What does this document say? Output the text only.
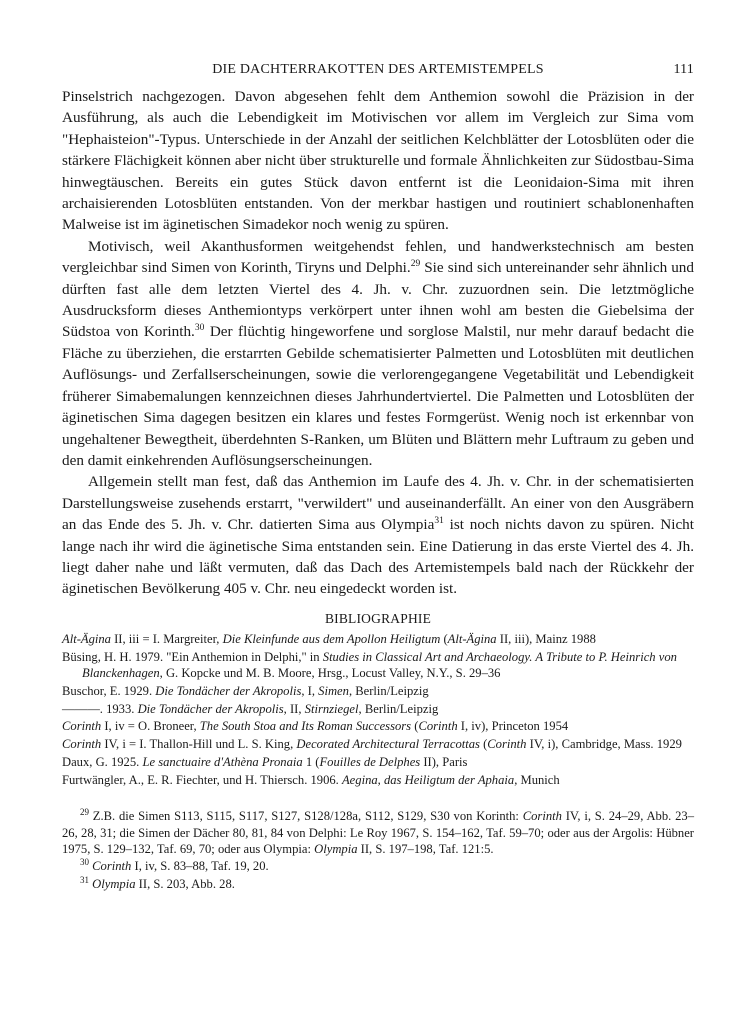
DIE DACHTERRAKOTTEN DES ARTEMISTEMPELS	111

Pinselstrich nachgezogen. Davon abgesehen fehlt dem Anthemion sowohl die Präzision in der Ausführung, als auch die Lebendigkeit im Motivischen vor allem im Vergleich zur Sima vom "Hephaisteion"-Typus. Unterschiede in der Anzahl der seitlichen Kelchblätter der Lotosblüten oder die stärkere Flächigkeit können aber nicht über strukturelle und formale Ähnlichkeiten zur Südostbau-Sima hinwegtäuschen. Bereits ein gutes Stück davon entfernt ist die Leonidaion-Sima mit ihren archaisierenden Lotosblüten entstanden. Von der merkbar hastigen und routiniert schablonenhaften Malweise ist im äginetischen Simadekor noch wenig zu spüren.

Motivisch, weil Akanthusformen weitgehendst fehlen, und handwerkstechnisch am besten vergleichbar sind Simen von Korinth, Tiryns und Delphi.$^{29}$ Sie sind sich untereinander sehr ähnlich und dürften fast alle dem letzten Viertel des 4. Jh. v. Chr. zuzuordnen sein. Die letztmögliche Ausdrucksform dieses Anthemiontyps verkörpert unter ihnen wohl am besten die Giebelsima der Südstoa von Korinth.$^{30}$ Der flüchtig hingeworfene und sorglose Malstil, nur mehr darauf bedacht die Fläche zu überziehen, die erstarrten Gebilde schematisierter Palmetten und Lotosblüten mit deutlichen Auflösungs- und Zerfallserscheinungen, sowie die verlorengegangene Vegetabilität und Lebendigkeit früherer Simabemalungen kennzeichnen dieses Jahrhundertviertel. Die Palmetten und Lotosblüten der äginetischen Sima dagegen besitzen ein klares und festes Formgerüst. Wenig noch ist erkennbar von ungehaltener Bewegtheit, überdehnten S-Ranken, um Blüten und Blättern mehr Luftraum zu geben und den damit einkehrenden Auflösungserscheinungen.

Allgemein stellt man fest, daß das Anthemion im Laufe des 4. Jh. v. Chr. in der schematisierten Darstellungsweise zusehends erstarrt, "verwildert" und auseinanderfällt. An einer von den Ausgräbern an das Ende des 5. Jh. v. Chr. datierten Sima aus Olympia$^{31}$ ist noch nichts davon zu spüren. Nicht lange nach ihr wird die äginetische Sima entstanden sein. Eine Datierung in das erste Viertel des 4. Jh. liegt daher nahe und läßt vermuten, daß das Dach des Artemistempels bald nach der Rückkehr der äginetischen Bevölkerung 405 v. Chr. neu eingedeckt worden ist.

BIBLIOGRAPHIE
Alt-Ägina II, iii = I. Margreiter, Die Kleinfunde aus dem Apollon Heiligtum (Alt-Ägina II, iii), Mainz 1988
Büsing, H. H. 1979. "Ein Anthemion in Delphi," in Studies in Classical Art and Archaeology. A Tribute to P. Heinrich von Blanckenhagen, G. Kopcke und M. B. Moore, Hrsg., Locust Valley, N.Y., S. 29–36
Buschor, E. 1929. Die Tondächer der Akropolis, I, Simen, Berlin/Leipzig
———. 1933. Die Tondächer der Akropolis, II, Stirnziegel, Berlin/Leipzig
Corinth I, iv = O. Broneer, The South Stoa and Its Roman Successors (Corinth I, iv), Princeton 1954
Corinth IV, i = I. Thallon-Hill und L. S. King, Decorated Architectural Terracottas (Corinth IV, i), Cambridge, Mass. 1929
Daux, G. 1925. Le sanctuaire d'Athèna Pronaia 1 (Fouilles de Delphes II), Paris
Furtwängler, A., E. R. Fiechter, und H. Thiersch. 1906. Aegina, das Heiligtum der Aphaia, Munich
$^{29}$ Z.B. die Simen S113, S115, S117, S127, S128/128a, S112, S129, S30 von Korinth: Corinth IV, i, S. 24–29, Abb. 23–26, 28, 31; die Simen der Dächer 80, 81, 84 von Delphi: Le Roy 1967, S. 154–162, Taf. 59–70; oder aus der Argolis: Hübner 1975, S. 129–132, Taf. 69, 70; oder aus Olympia: Olympia II, S. 197–198, Taf. 121:5.
$^{30}$ Corinth I, iv, S. 83–88, Taf. 19, 20.
$^{31}$ Olympia II, S. 203, Abb. 28.
